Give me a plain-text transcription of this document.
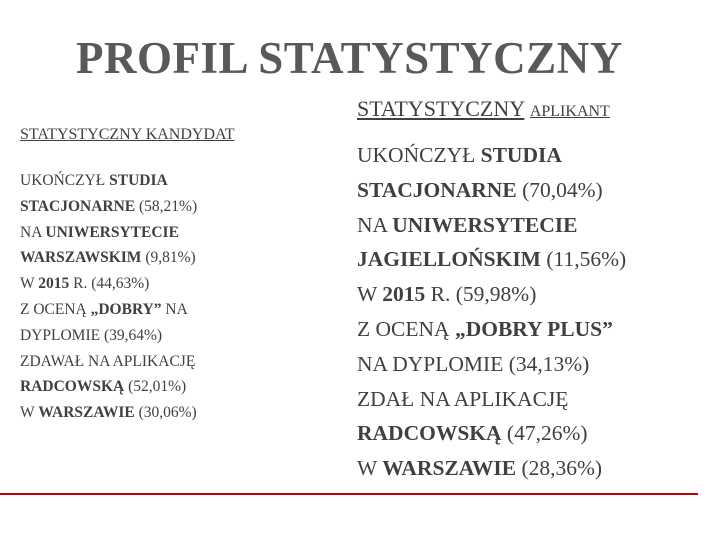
PROFIL STATYSTYCZNY
STATYSTYCZNY APLIKANT
STATYSTYCZNY KANDYDAT
UKOŃCZYŁ STUDIA
STACJONARNE (58,21%)
NA UNIWERSYTECIE
WARSZAWSKIM (9,81%)
W 2015 R. (44,63%)
Z OCENĄ „DOBRY” NA
DYPLOMIE (39,64%)
ZDAWAŁ NA APLIKACJĘ
RADCOWSKĄ (52,01%)
W WARSZAWIE (30,06%)
UKOŃCZYŁ STUDIA
STACJONARNE (70,04%)
NA UNIWERSYTECIE
JAGIELLOŃSKIM (11,56%)
W 2015 R. (59,98%)
Z OCENĄ „DOBRY PLUS”
NA DYPLOMIE (34,13%)
ZDAŁ NA APLIKACJĘ
RADCOWSKĄ (47,26%)
W WARSZAWIE (28,36%)
